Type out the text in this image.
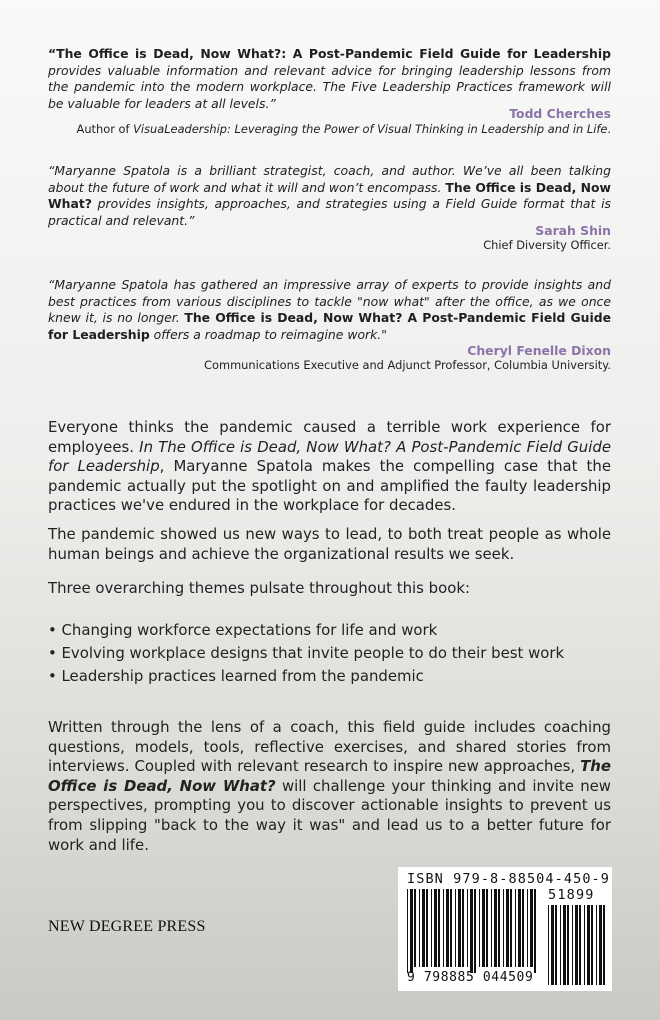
“The Office is Dead, Now What?: A Post-Pandemic Field Guide for Leadership provides valuable information and relevant advice for bringing leadership lessons from the pandemic into the modern workplace. The Five Leadership Practices framework will be valuable for leaders at all levels.”

Todd Cherches

Author of VisuaLeadership: Leveraging the Power of Visual Thinking in Leadership and in Life.

“Maryanne Spatola is a brilliant strategist, coach, and author. We’ve all been talking about the future of work and what it will and won’t encompass. The Office is Dead, Now What? provides insights, approaches, and strategies using a Field Guide format that is practical and relevant.”

Sarah Shin

Chief Diversity Officer.

“Maryanne Spatola has gathered an impressive array of experts to provide insights and best practices from various disciplines to tackle "now what" after the office, as we once knew it, is no longer. The Office is Dead, Now What? A Post-Pandemic Field Guide for Leadership offers a roadmap to reimagine work."

Cheryl Fenelle Dixon

Communications Executive and Adjunct Professor, Columbia University.

Everyone thinks the pandemic caused a terrible work experience for employees. In The Office is Dead, Now What? A Post-Pandemic Field Guide for Leadership, Maryanne Spatola makes the compelling case that the pandemic actually put the spotlight on and amplified the faulty leadership practices we've endured in the workplace for decades.

The pandemic showed us new ways to lead, to both treat people as whole human beings and achieve the organizational results we seek.

Three overarching themes pulsate throughout this book:

• Changing workforce expectations for life and work

• Evolving workplace designs that invite people to do their best work

• Leadership practices learned from the pandemic

Written through the lens of a coach, this field guide includes coaching questions, models, tools, reflective exercises, and shared stories from interviews. Coupled with relevant research to inspire new approaches, The Office is Dead, Now What? will challenge your thinking and invite new perspectives, prompting you to discover actionable insights to prevent us from slipping "back to the way it was" and lead us to a better future for work and life.

NEW DEGREE PRESS

ISBN 979-8-88504-450-9

51899

9 798885 044509
